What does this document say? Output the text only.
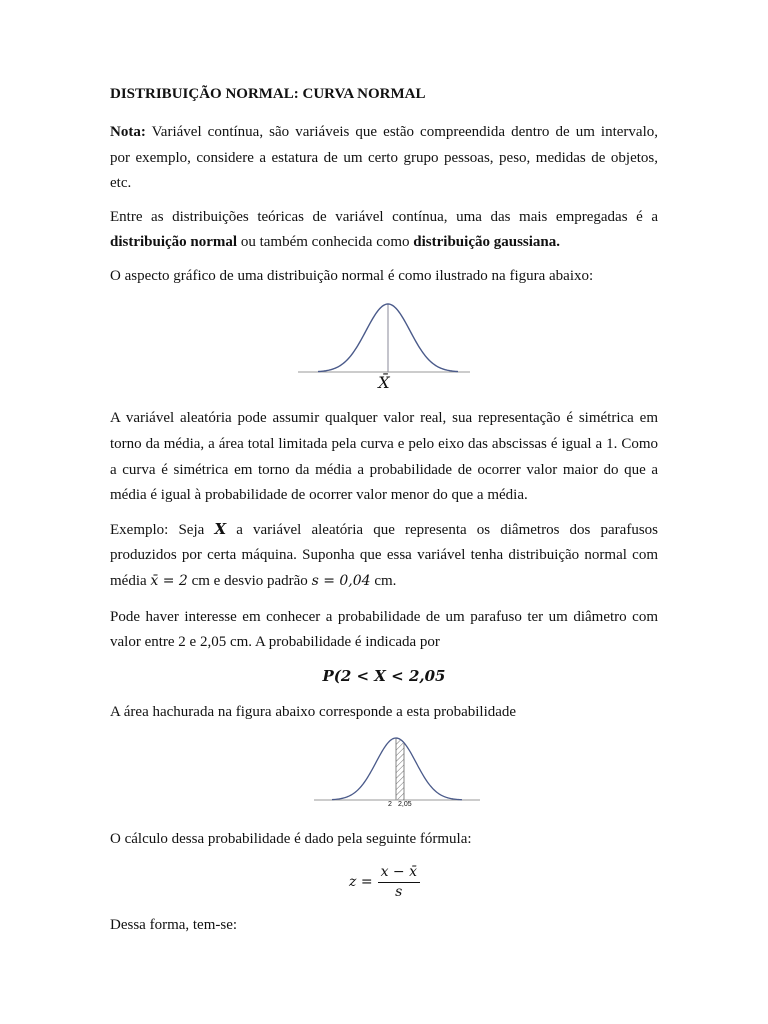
DISTRIBUIÇÃO NORMAL: CURVA NORMAL
Nota: Variável contínua, são variáveis que estão compreendida dentro de um intervalo,
por exemplo, considere a estatura de um certo grupo pessoas, peso, medidas de objetos,
etc.
Entre as distribuições teóricas de variável contínua, uma das mais empregadas é a
distribuição normal ou também conhecida como distribuição gaussiana.
O aspecto gráfico de uma distribuição normal é como ilustrado na figura abaixo:
X̄
A variável aleatória pode assumir qualquer valor real, sua representação é simétrica em
torno da média, a área total limitada pela curva e pelo eixo das abscissas é igual a 1. Como
a curva é simétrica em torno da média a probabilidade de ocorrer valor maior do que a
média é igual à probabilidade de ocorrer valor menor do que a média.
Exemplo: Seja X a variável aleatória que representa os diâmetros dos parafusos
produzidos por certa máquina. Suponha que essa variável tenha distribuição normal com
média x̄ = 2 cm e desvio padrão s = 0,04 cm.
Pode haver interesse em conhecer a probabilidade de um parafuso ter um diâmetro com
valor entre 2 e 2,05 cm. A probabilidade é indicada por
P(2 < X < 2,05
A área hachurada na figura abaixo corresponde a esta probabilidade
2 2,05
O cálculo dessa probabilidade é dado pela seguinte fórmula:
$z = \frac{x - x̄}{s}$
Dessa forma, tem-se:
